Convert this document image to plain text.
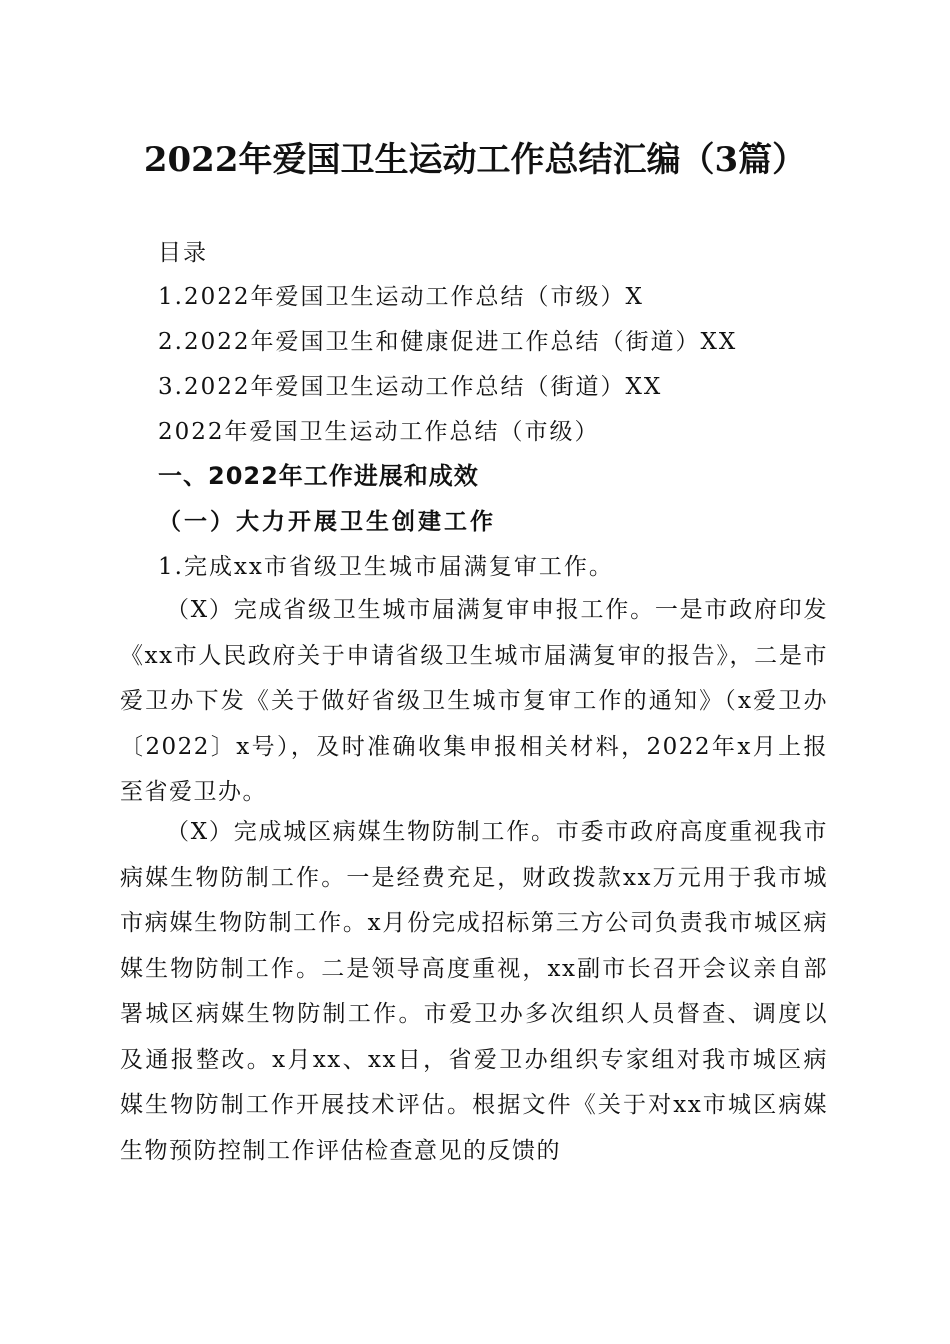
2022年爱国卫生运动工作总结汇编（3篇）

目录

1.2022年爱国卫生运动工作总结（市级）X

2.2022年爱国卫生和健康促进工作总结（街道）XX

3.2022年爱国卫生运动工作总结（街道）XX

2022年爱国卫生运动工作总结（市级）

一、2022年工作进展和成效

（一）大力开展卫生创建工作

1.完成xx市省级卫生城市届满复审工作。

（X）完成省级卫生城市届满复审申报工作。一是市政府印发《xx市人民政府关于申请省级卫生城市届满复审的报告》，二是市爱卫办下发《关于做好省级卫生城市复审工作的通知》（x爱卫办〔2022〕x号），及时准确收集申报相关材料，2022年x月上报至省爱卫办。

（X）完成城区病媒生物防制工作。市委市政府高度重视我市病媒生物防制工作。一是经费充足，财政拨款xx万元用于我市城市病媒生物防制工作。x月份完成招标第三方公司负责我市城区病媒生物防制工作。二是领导高度重视，xx副市长召开会议亲自部署城区病媒生物防制工作。市爱卫办多次组织人员督查、调度以及通报整改。x月xx、xx日，省爱卫办组织专家组对我市城区病媒生物防制工作开展技术评估。根据文件《关于对xx市城区病媒生物预防控制工作评估检查意见的反馈的
